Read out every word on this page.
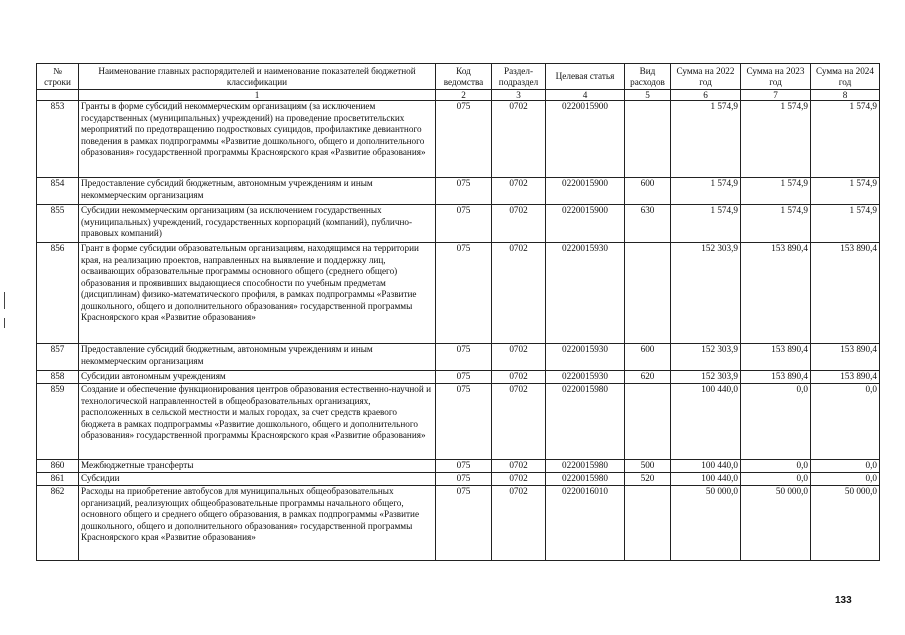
№ строки	Наименование главных распорядителей и наименование показателей бюджетной классификации	Код ведомства	Раздел-подраздел	Целевая статья	Вид расходов	Сумма на 2022 год	Сумма на 2023 год	Сумма на 2024 год
	1	2	3	4	5	6	7	8
853	Гранты в форме субсидий некоммерческим организациям (за исключением государственных (муниципальных) учреждений) на проведение просветительских мероприятий по предотвращению подростковых суицидов, профилактике девиантного поведения в рамках подпрограммы «Развитие дошкольного, общего и дополнительного образования» государственной программы Красноярского края «Развитие образования»	075	0702	0220015900		1 574,9	1 574,9	1 574,9
854	Предоставление субсидий бюджетным, автономным учреждениям и иным некоммерческим организациям	075	0702	0220015900	600	1 574,9	1 574,9	1 574,9
855	Субсидии некоммерческим организациям (за исключением государственных (муниципальных) учреждений, государственных корпораций (компаний), публично-правовых компаний)	075	0702	0220015900	630	1 574,9	1 574,9	1 574,9
856	Грант в форме субсидии образовательным организациям, находящимся на территории края, на реализацию проектов, направленных на выявление и поддержку лиц, осваивающих образовательные программы основного общего (среднего общего) образования и проявивших выдающиеся способности по учебным предметам (дисциплинам) физико-математического профиля, в рамках подпрограммы «Развитие дошкольного, общего и дополнительного образования» государственной программы Красноярского края «Развитие образования»	075	0702	0220015930		152 303,9	153 890,4	153 890,4
857	Предоставление субсидий бюджетным, автономным учреждениям и иным некоммерческим организациям	075	0702	0220015930	600	152 303,9	153 890,4	153 890,4
858	Субсидии автономным учреждениям	075	0702	0220015930	620	152 303,9	153 890,4	153 890,4
859	Создание и обеспечение функционирования центров образования естественно-научной и технологической направленностей в общеобразовательных организациях, расположенных в сельской местности и малых городах, за счет средств краевого бюджета в рамках подпрограммы «Развитие дошкольного, общего и дополнительного образования» государственной программы Красноярского края «Развитие образования»	075	0702	0220015980		100 440,0	0,0	0,0
860	Межбюджетные трансферты	075	0702	0220015980	500	100 440,0	0,0	0,0
861	Субсидии	075	0702	0220015980	520	100 440,0	0,0	0,0
862	Расходы на приобретение автобусов для муниципальных общеобразовательных организаций, реализующих общеобразовательные программы начального общего, основного общего и среднего общего образования, в рамках подпрограммы «Развитие дошкольного, общего и дополнительного образования» государственной программы Красноярского края «Развитие образования»	075	0702	0220016010		50 000,0	50 000,0	50 000,0
133
